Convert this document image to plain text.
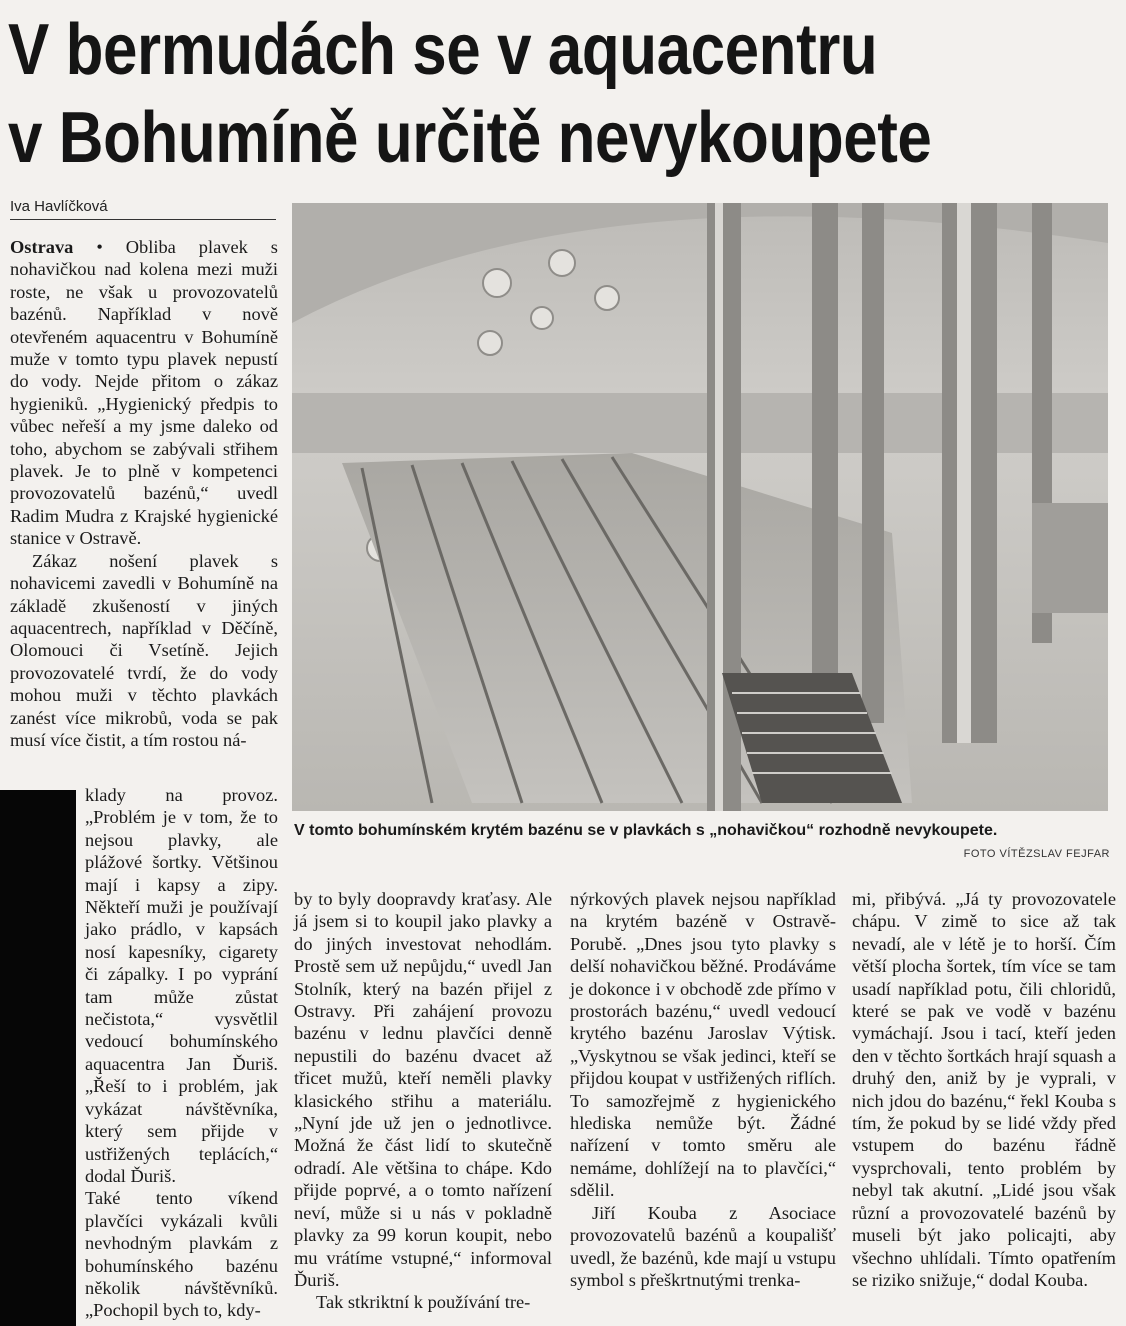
V bermudách se v aquacentru
v Bohumíně určitě nevykoupete
Iva Havlíčková

Ostrava • Obliba plavek s nohavičkou nad kolena mezi muži roste, ne však u provozovatelů bazénů. Například v nově otevřeném aquacentru v Bohumíně muže v tomto typu plavek nepustí do vody. Nejde přitom o zákaz hygieniků. „Hygienický předpis to vůbec neřeší a my jsme daleko od toho, abychom se zabývali střihem plavek. Je to plně v kompetenci provozovatelů bazénů,“ uvedl Radim Mudra z Krajské hygienické stanice v Ostravě.

Zákaz nošení plavek s nohavicemi zavedli v Bohumíně na základě zkušeností v jiných aquacentrech, například v Děčíně, Olomouci či Vsetíně. Jejich provozovatelé tvrdí, že do vody mohou muži v těchto plavkách zanést více mikrobů, voda se pak musí více čistit, a tím rostou ná-

klady na provoz. „Problém je v tom, že to nejsou plavky, ale plážové šortky. Většinou mají i kapsy a zipy. Někteří muži je používají jako prádlo, v kapsách nosí kapesníky, cigarety či zápalky. I po vyprání tam může zůstat nečistota,“ vysvětlil vedoucí bohumínského aquacentra Jan Ďuriš. „Řeší to i problém, jak vykázat návštěvníka, který sem přijde v ustřižených teplácích,“ dodal Ďuriš.

Také tento víkend plavčíci vykázali kvůli nevhodným plavkám z bohumínského bazénu několik návštěvníků. „Pochopil bych to, kdy-

V tomto bohumínském krytém bazénu se v plavkách s „nohavičkou“ rozhodně nevykoupete.
FOTO VÍTĚZSLAV FEJFAR

by to byly doopravdy kraťasy. Ale já jsem si to koupil jako plavky a do jiných investovat nehodlám. Prostě sem už nepůjdu,“ uvedl Jan Stolník, který na bazén přijel z Ostravy. Při zahájení provozu bazénu v lednu plavčíci denně nepustili do bazénu dvacet až třicet mužů, kteří neměli plavky klasického střihu a materiálu. „Nyní jde už jen o jednotlivce. Možná že část lidí to skutečně odradí. Ale většina to chápe. Kdo přijde poprvé, a o tomto nařízení neví, může si u nás v pokladně plavky za 99 korun koupit, nebo mu vrátíme vstupné,“ informoval Ďuriš.

Tak stkriktní k používání tre-

nýrkových plavek nejsou například na krytém bazéně v Ostravě-Porubě. „Dnes jsou tyto plavky s delší nohavičkou běžné. Prodáváme je dokonce i v obchodě zde přímo v prostorách bazénu,“ uvedl vedoucí krytého bazénu Jaroslav Výtisk. „Vyskytnou se však jedinci, kteří se přijdou koupat v ustřižených riflích. To samozřejmě z hygienického hlediska nemůže být. Žádné nařízení v tomto směru ale nemáme, dohlížejí na to plavčíci,“ sdělil.

Jiří Kouba z Asociace provozovatelů bazénů a koupališť uvedl, že bazénů, kde mají u vstupu symbol s přeškrtnutými trenka-

mi, přibývá. „Já ty provozovatele chápu. V zimě to sice až tak nevadí, ale v létě je to horší. Čím větší plocha šortek, tím více se tam usadí například potu, čili chloridů, které se pak ve vodě v bazénu vymáchají. Jsou i tací, kteří jeden den v těchto šortkách hrají squash a druhý den, aniž by je vyprali, v nich jdou do bazénu,“ řekl Kouba s tím, že pokud by se lidé vždy před vstupem do bazénu řádně vysprchovali, tento problém by nebyl tak akutní. „Lidé jsou však různí a provozovatelé bazénů by museli být jako policajti, aby všechno uhlídali. Tímto opatřením se riziko snižuje,“ dodal Kouba.
